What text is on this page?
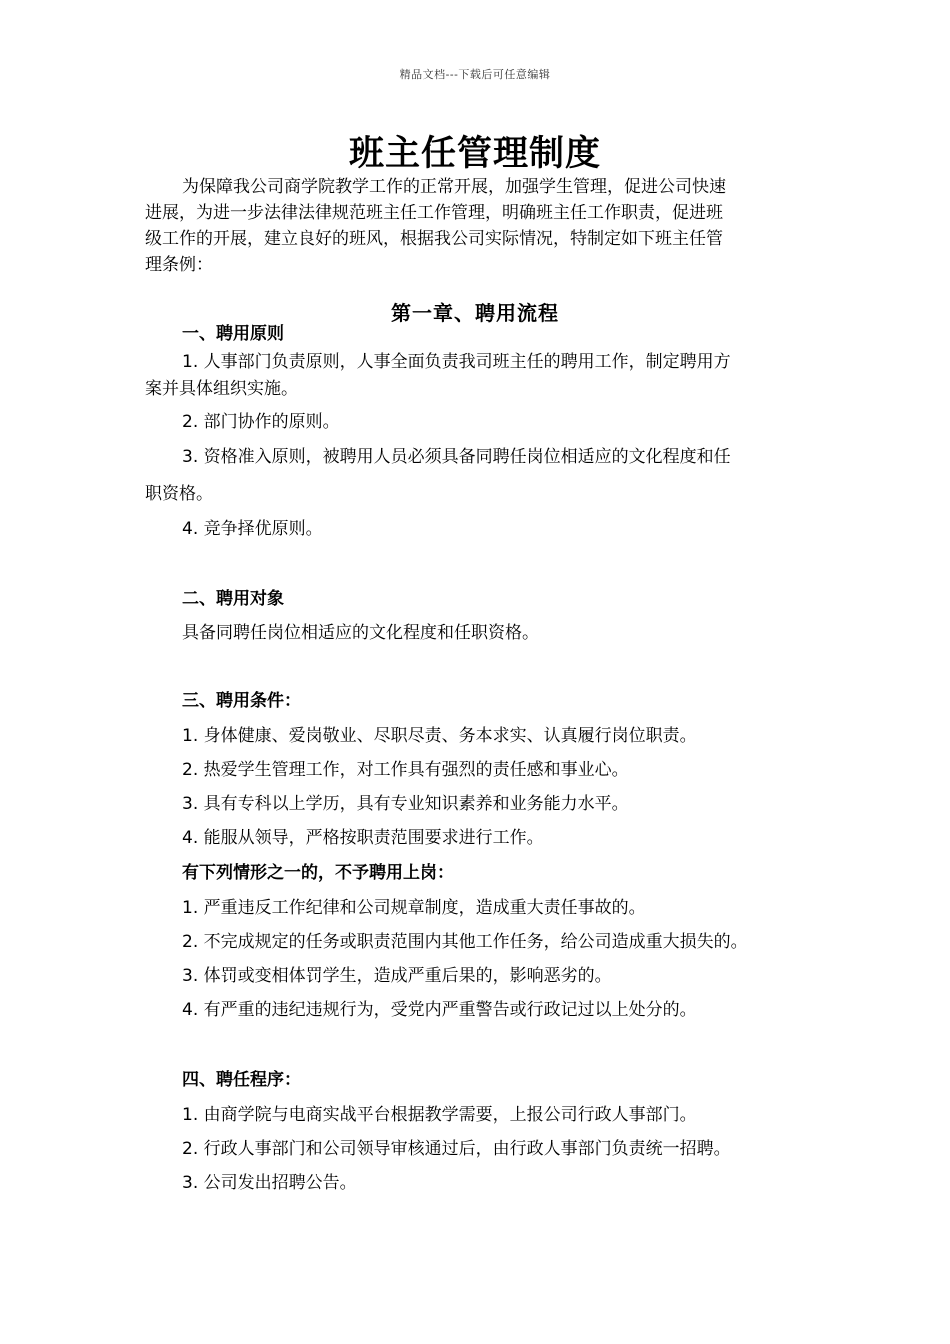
精品文档---下载后可任意编辑
班主任管理制度
为保障我公司商学院教学工作的正常开展，加强学生管理，促进公司快速
进展，为进一步法律法律规范班主任工作管理，明确班主任工作职责，促进班
级工作的开展，建立良好的班风，根据我公司实际情况，特制定如下班主任管
理条例：
第一章、聘用流程
一、聘用原则
1. 人事部门负责原则，人事全面负责我司班主任的聘用工作，制定聘用方
案并具体组织实施。
2. 部门协作的原则。
3. 资格准入原则，被聘用人员必须具备同聘任岗位相适应的文化程度和任
职资格。
4. 竞争择优原则。
二、聘用对象
具备同聘任岗位相适应的文化程度和任职资格。
三、聘用条件：
1. 身体健康、爱岗敬业、尽职尽责、务本求实、认真履行岗位职责。
2. 热爱学生管理工作，对工作具有强烈的责任感和事业心。
3. 具有专科以上学历，具有专业知识素养和业务能力水平。
4. 能服从领导，严格按职责范围要求进行工作。
有下列情形之一的，不予聘用上岗：
1. 严重违反工作纪律和公司规章制度，造成重大责任事故的。
2. 不完成规定的任务或职责范围内其他工作任务，给公司造成重大损失的。
3. 体罚或变相体罚学生，造成严重后果的，影响恶劣的。
4. 有严重的违纪违规行为，受党内严重警告或行政记过以上处分的。
四、聘任程序：
1. 由商学院与电商实战平台根据教学需要，上报公司行政人事部门。
2. 行政人事部门和公司领导审核通过后，由行政人事部门负责统一招聘。
3. 公司发出招聘公告。
